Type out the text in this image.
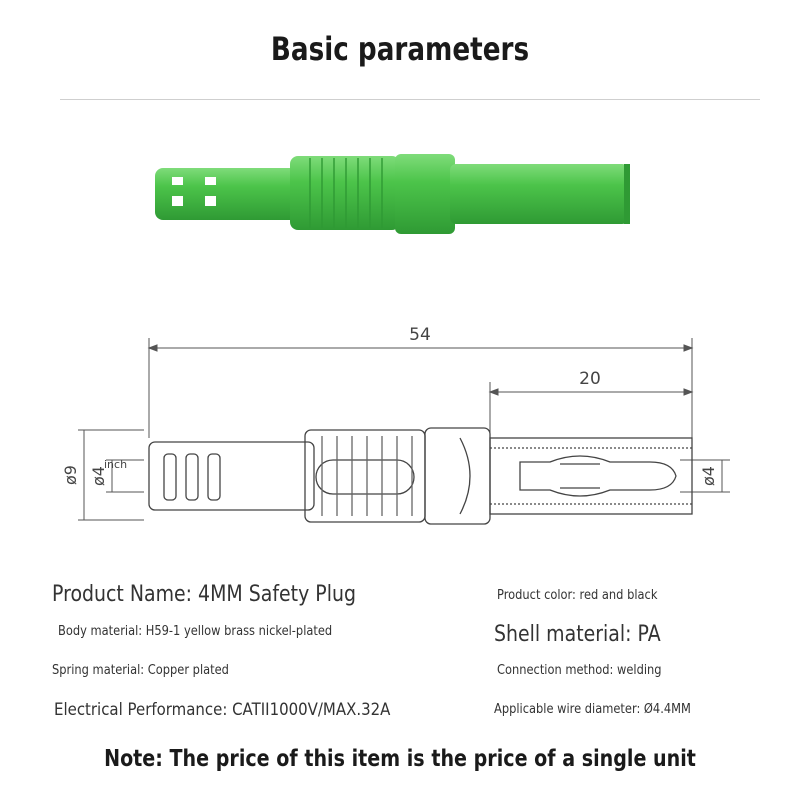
Basic parameters
54
20
inch
ø9 ø4	ø4
Product Name: 4MM Safety Plug	Product color: red and black
Body material: H59-1 yellow brass nickel-plated	Shell material: PA
Spring material: Copper plated	Connection method: welding
Electrical Performance: CATII1000V/MAX.32A	Applicable wire diameter: Ø4.4MM
Note: The price of this item is the price of a single unit
